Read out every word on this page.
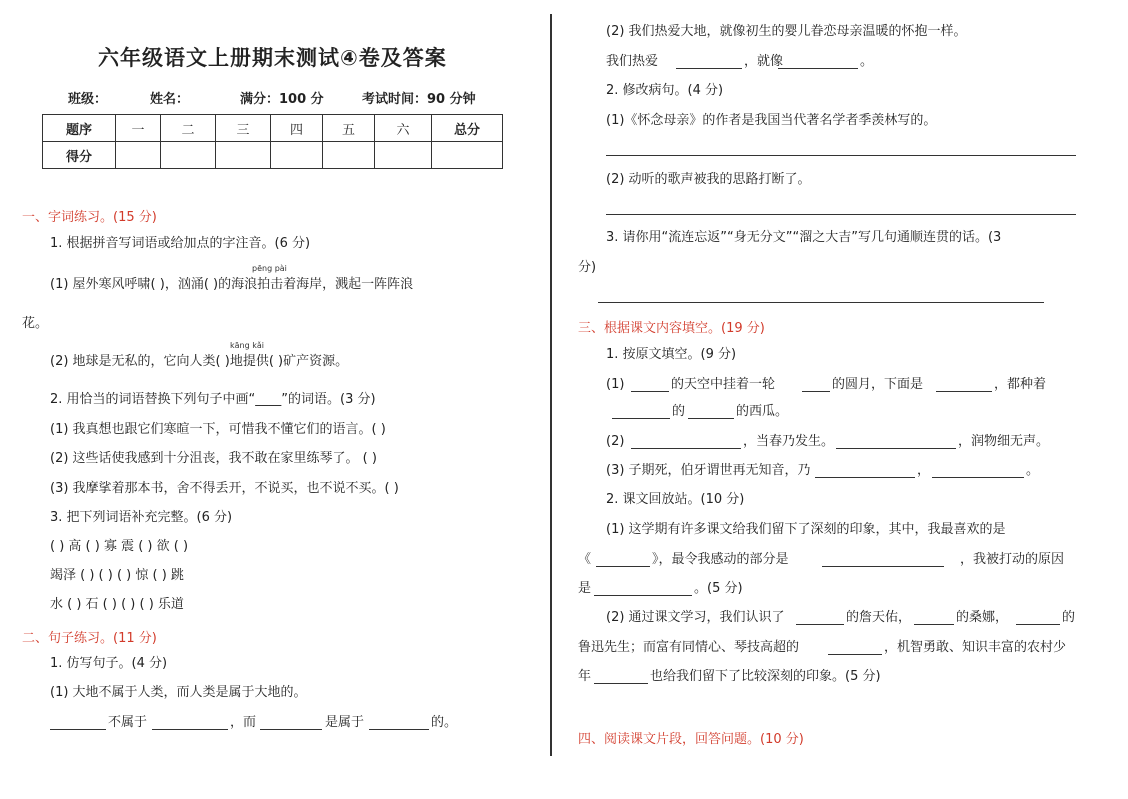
六年级语文上册期末测试④卷及答案
班级：	姓名：	满分：100 分	考试时间：90 分钟
题序	一	二	三	四	五	六	总分
得分							
一、字词练习。(15 分)
1. 根据拼音写词语或给加点的字注音。(6 分)
pēng pài
(1) 屋外寒风呼啸( )，汹涌( )的海浪拍击着海岸，溅起一阵阵浪
花。
kāng kǎi
(2) 地球是无私的，它向人类( )地提供( )矿产资源。
2. 用恰当的词语替换下列句子中画“____”的词语。(3 分)
(1) 我真想也跟它们寒暄一下，可惜我不懂它们的语言。( )
(2) 这些话使我感到十分沮丧，我不敢在家里练琴了。 ( )
(3) 我摩挲着那本书，舍不得丢开，不说买，也不说不买。( )
3. 把下列词语补充完整。(6 分)
( ) 高 ( ) 寡 震 ( ) 欲 ( )
竭泽 ( ) ( ) ( ) 惊 ( ) 跳
水 ( ) 石 ( ) ( ) ( ) 乐道
二、句子练习。(11 分)
1. 仿写句子。(4 分)
(1) 大地不属于人类，而人类是属于大地的。
不属于	，而	是属于	的。
(2) 我们热爱大地，就像初生的婴儿眷恋母亲温暖的怀抱一样。
我们热爱	，就像	。
2. 修改病句。(4 分)
(1)《怀念母亲》的作者是我国当代著名学者季羡林写的。
(2) 动听的歌声被我的思路打断了。
3. 请你用“流连忘返”“身无分文”“溜之大吉”写几句通顺连贯的话。(3
分)
三、根据课文内容填空。(19 分)
1. 按原文填空。(9 分)
(1)	的天空中挂着一轮	的圆月，下面是	，都种着
的	的西瓜。
(2)	，当春乃发生。	，润物细无声。
(3) 子期死，伯牙谓世再无知音，乃	，	。
2. 课文回放站。(10 分)
(1) 这学期有许多课文给我们留下了深刻的印象，其中，我最喜欢的是
《	》，最令我感动的部分是	，我被打动的原因
是	。(5 分)
(2) 通过课文学习，我们认识了	的詹天佑，	的桑娜，	的
鲁迅先生；而富有同情心、琴技高超的	，机智勇敢、知识丰富的农村少
年	也给我们留下了比较深刻的印象。(5 分)
四、阅读课文片段，回答问题。(10 分)
